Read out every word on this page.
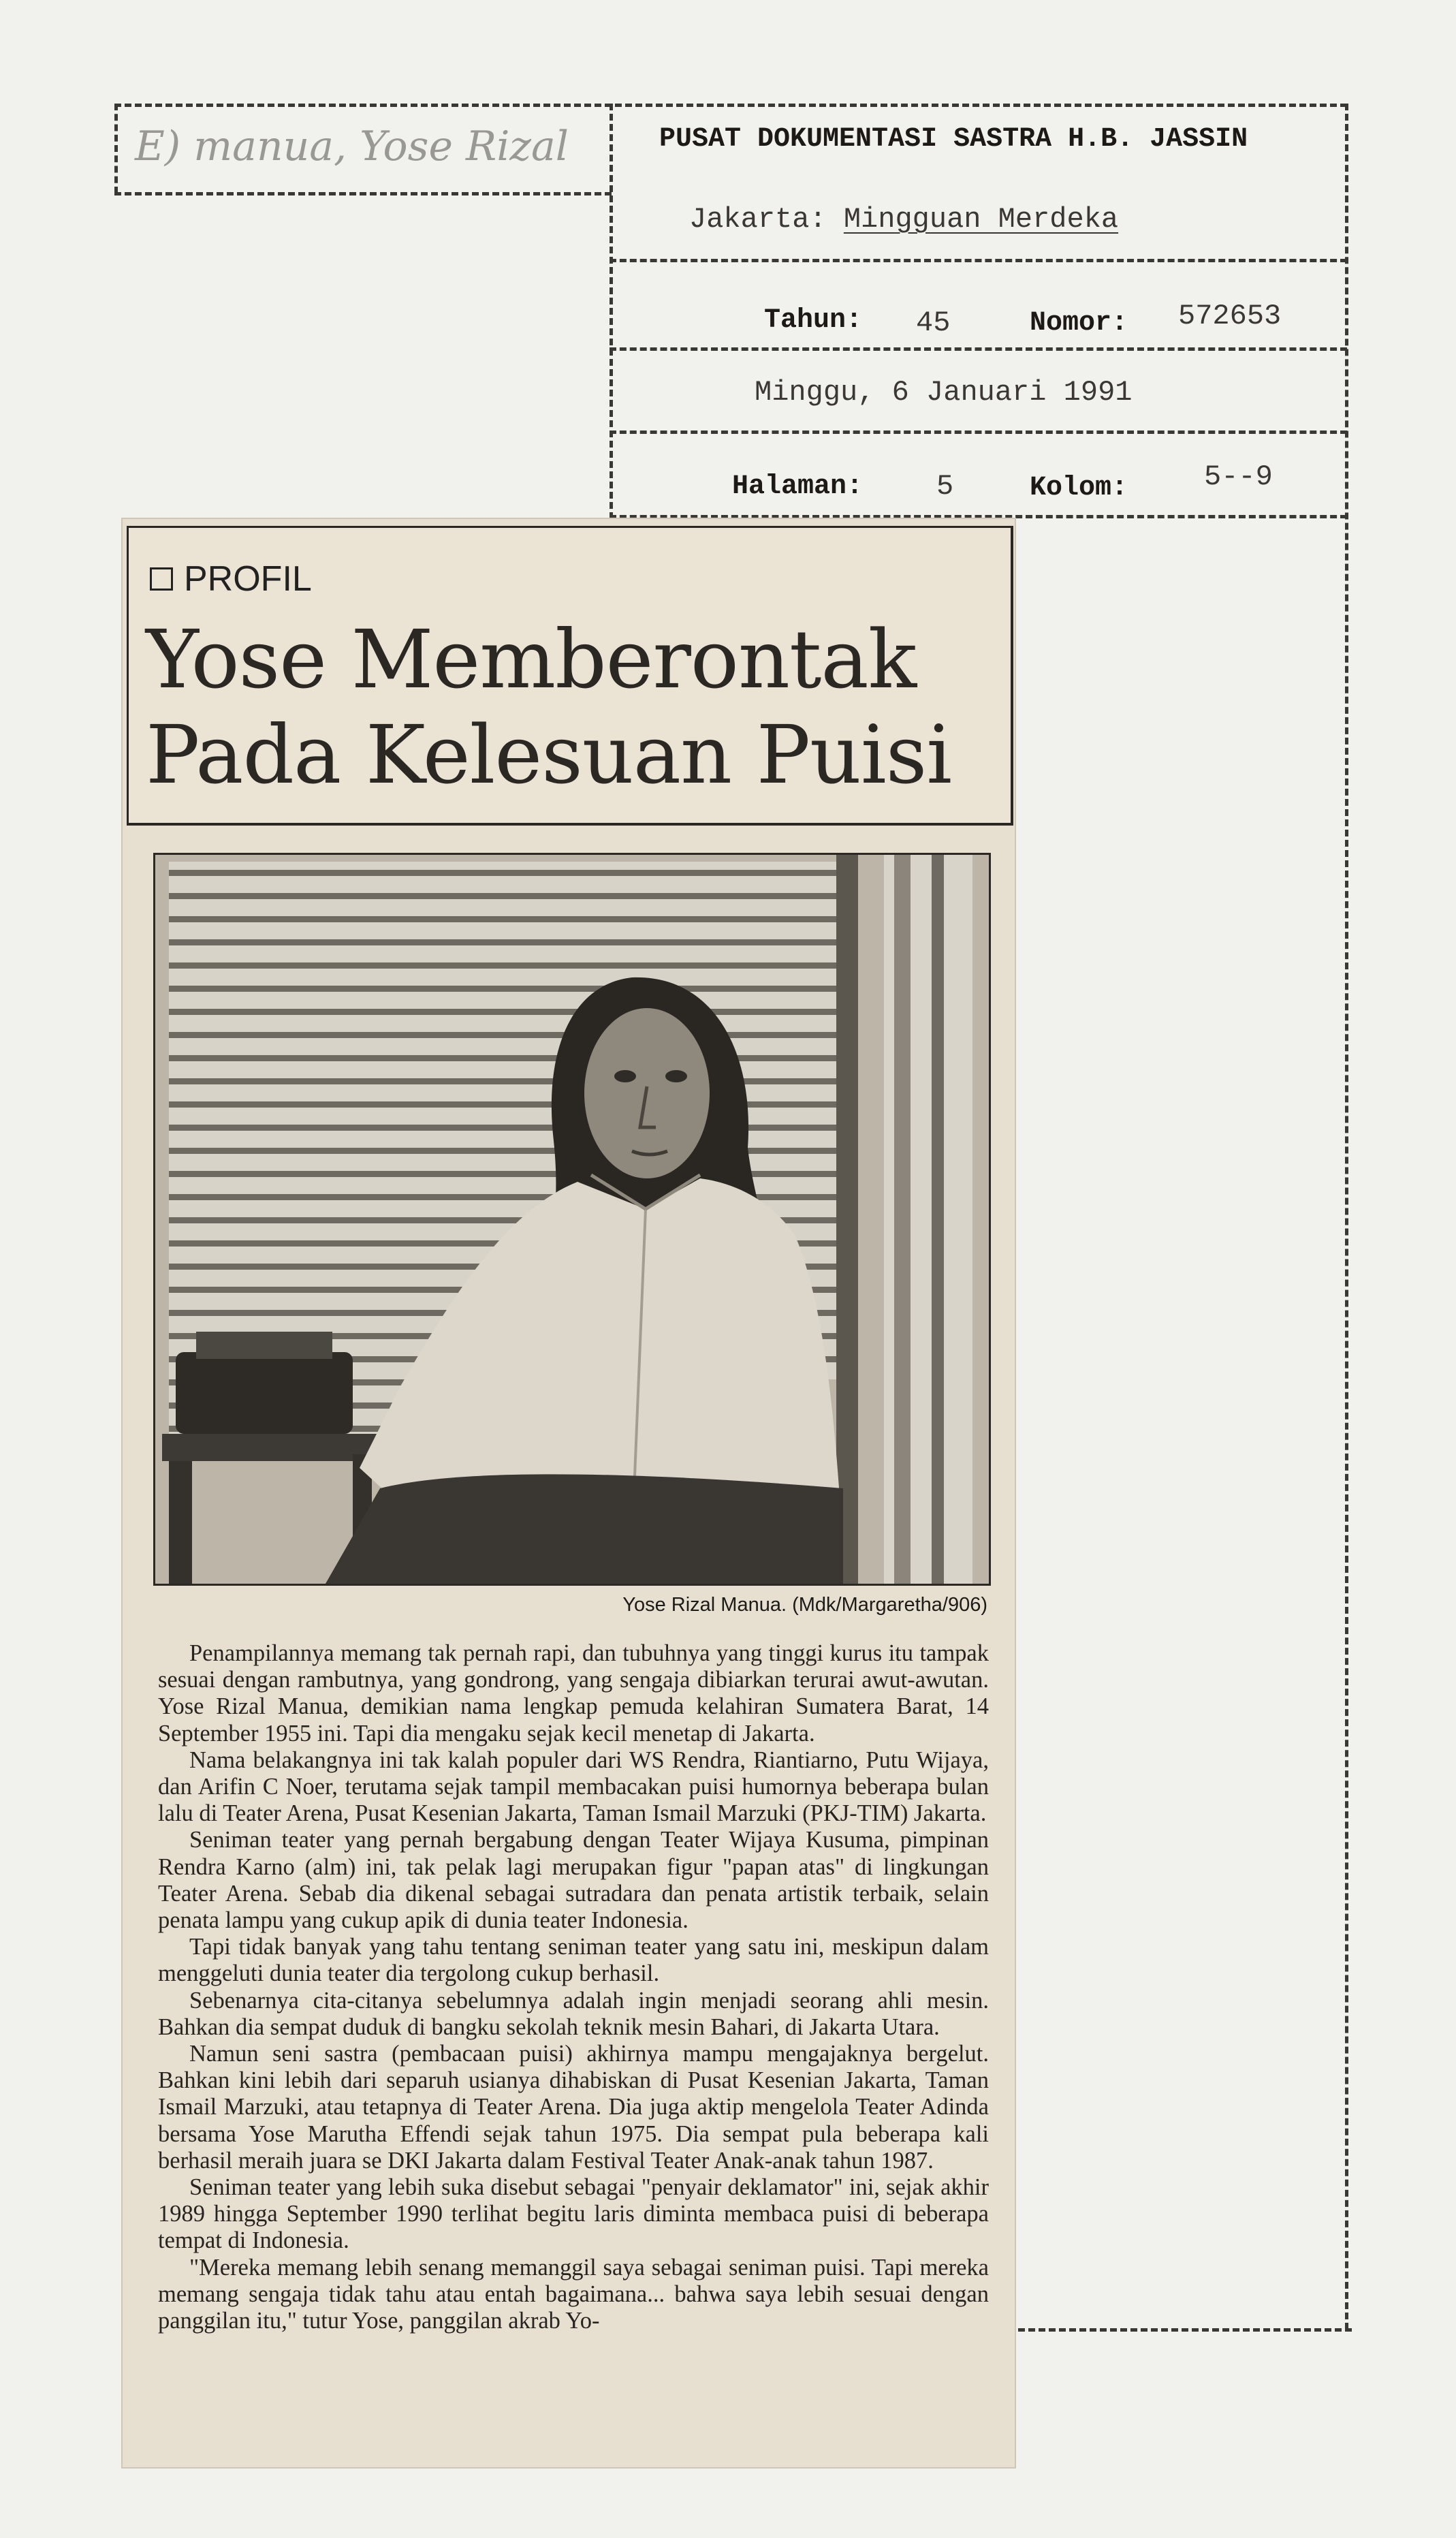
E) manua, Yose Rizal	PUSAT DOKUMENTASI SASTRA H.B. JASSIN
Jakarta: Mingguan Merdeka
Tahun: 45	Nomor: 572653
Minggu, 6 Januari 1991
Halaman:	5	Kolom:	5--9
PROFIL
Yose Memberontak
Pada Kelesuan Puisi
Yose Rizal Manua. (Mdk/Margaretha/906)

Penampilannya memang tak pernah rapi, dan tubuhnya yang tinggi kurus itu tampak sesuai dengan rambutnya, yang gondrong, yang sengaja dibiarkan terurai awut-awutan. Yose Rizal Manua, demikian nama lengkap pemuda kelahiran Sumatera Barat, 14 September 1955 ini. Tapi dia mengaku sejak kecil menetap di Jakarta.

Nama belakangnya ini tak kalah populer dari WS Rendra, Riantiarno, Putu Wijaya, dan Arifin C Noer, terutama sejak tampil membacakan puisi humornya beberapa bulan lalu di Teater Arena, Pusat Kesenian Jakarta, Taman Ismail Marzuki (PKJ-TIM) Jakarta.

Seniman teater yang pernah bergabung dengan Teater Wijaya Kusuma, pimpinan Rendra Karno (alm) ini, tak pelak lagi merupakan figur "papan atas" di lingkungan Teater Arena. Sebab dia dikenal sebagai sutradara dan penata artistik terbaik, selain penata lampu yang cukup apik di dunia teater Indonesia.

Tapi tidak banyak yang tahu tentang seniman teater yang satu ini, meskipun dalam menggeluti dunia teater dia tergolong cukup berhasil.

Sebenarnya cita-citanya sebelumnya adalah ingin menjadi seorang ahli mesin. Bahkan dia sempat duduk di bangku sekolah teknik mesin Bahari, di Jakarta Utara.

Namun seni sastra (pembacaan puisi) akhirnya mampu mengajaknya bergelut. Bahkan kini lebih dari separuh usianya dihabiskan di Pusat Kesenian Jakarta, Taman Ismail Marzuki, atau tetapnya di Teater Arena. Dia juga aktip mengelola Teater Adinda bersama Yose Marutha Effendi sejak tahun 1975. Dia sempat pula beberapa kali berhasil meraih juara se DKI Jakarta dalam Festival Teater Anak-anak tahun 1987.

Seniman teater yang lebih suka disebut sebagai "penyair deklamator" ini, sejak akhir 1989 hingga September 1990 terlihat begitu laris diminta membaca puisi di beberapa tempat di Indonesia.

"Mereka memang lebih senang memanggil saya sebagai seniman puisi. Tapi mereka memang sengaja tidak tahu atau entah bagaimana... bahwa saya lebih sesuai dengan panggilan itu," tutur Yose, panggilan akrab Yo-
